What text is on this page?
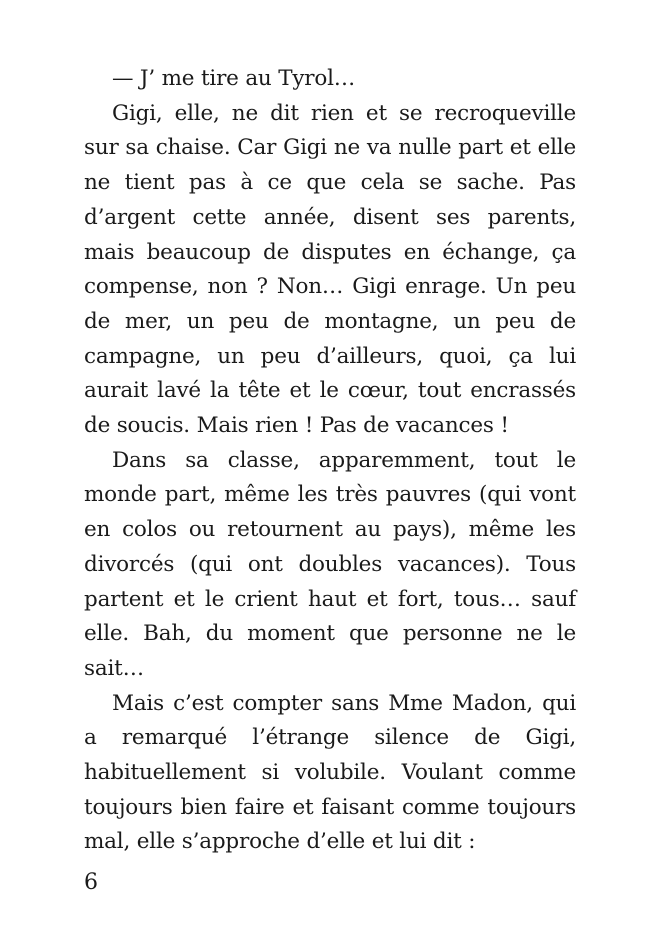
— J’ me tire au Tyrol…

Gigi, elle, ne dit rien et se recroqueville sur sa chaise. Car Gigi ne va nulle part et elle ne tient pas à ce que cela se sache. Pas d’argent cette année, disent ses parents, mais beaucoup de disputes en échange, ça compense, non ? Non… Gigi enrage. Un peu de mer, un peu de montagne, un peu de campagne, un peu d’ailleurs, quoi, ça lui aurait lavé la tête et le cœur, tout encrassés de soucis. Mais rien ! Pas de vacances !

Dans sa classe, apparemment, tout le monde part, même les très pauvres (qui vont en colos ou retournent au pays), même les divorcés (qui ont doubles vacances). Tous partent et le crient haut et fort, tous… sauf elle. Bah, du moment que personne ne le sait…

Mais c’est compter sans Mme Madon, qui a remarqué l’étrange silence de Gigi, habituellement si volubile. Voulant comme toujours bien faire et faisant comme toujours mal, elle s’approche d’elle et lui dit :

6
